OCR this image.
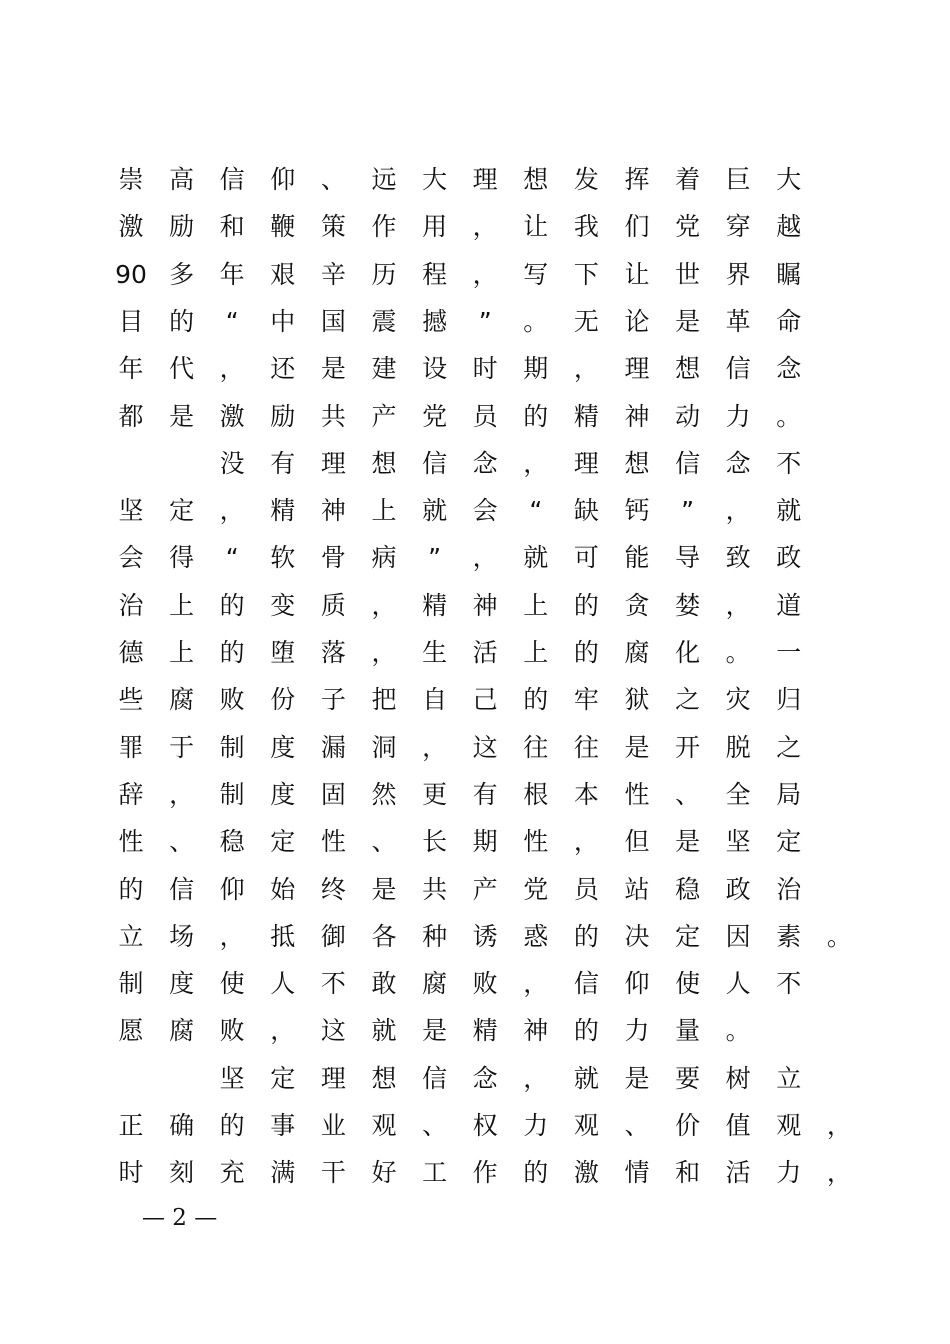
崇 高 信 仰 、 远 大 理 想 发 挥 着 巨 大
激 励 和 鞭 策 作 用 ， 让 我 们 党 穿 越
90 多 年 艰 辛 历 程 ， 写 下 让 世 界 瞩
目 的	“	中 国 震 撼	”	。 无 论 是 革 命
年 代 ， 还 是 建 设 时 期 ， 理 想 信 念
都 是 激 励 共 产 党 员 的 精 神 动 力 。
没 有 理 想 信 念 ， 理 想 信 念 不
坚 定 ， 精 神 上 就 会	“	缺 钙	”	， 就
会 得	“	软 骨 病	”	， 就 可 能 导 致 政
治 上 的 变 质 ， 精 神 上 的 贪 婪 ， 道
德 上 的 堕 落 ， 生 活 上 的 腐 化 。 一
些 腐 败 份 子 把 自 己 的 牢 狱 之 灾 归
罪 于 制 度 漏 洞 ， 这 往 往 是 开 脱 之
辞 ， 制 度 固 然 更 有 根 本 性 、 全 局
性 、 稳 定 性 、 长 期 性 ， 但 是 坚 定
的 信 仰 始 终 是 共 产 党 员 站 稳 政 治
立 场 ， 抵 御 各 种 诱 惑 的 决 定 因 素 。
制 度 使 人 不 敢 腐 败 ， 信 仰 使 人 不
愿 腐 败 ， 这 就 是 精 神 的 力 量 。
坚 定 理 想 信 念 ， 就 是 要 树 立
正 确 的 事 业 观 、 权 力 观 、 价 值 观 ，
时 刻 充 满 干 好 工 作 的 激 情 和 活 力 ，
— 2 —
